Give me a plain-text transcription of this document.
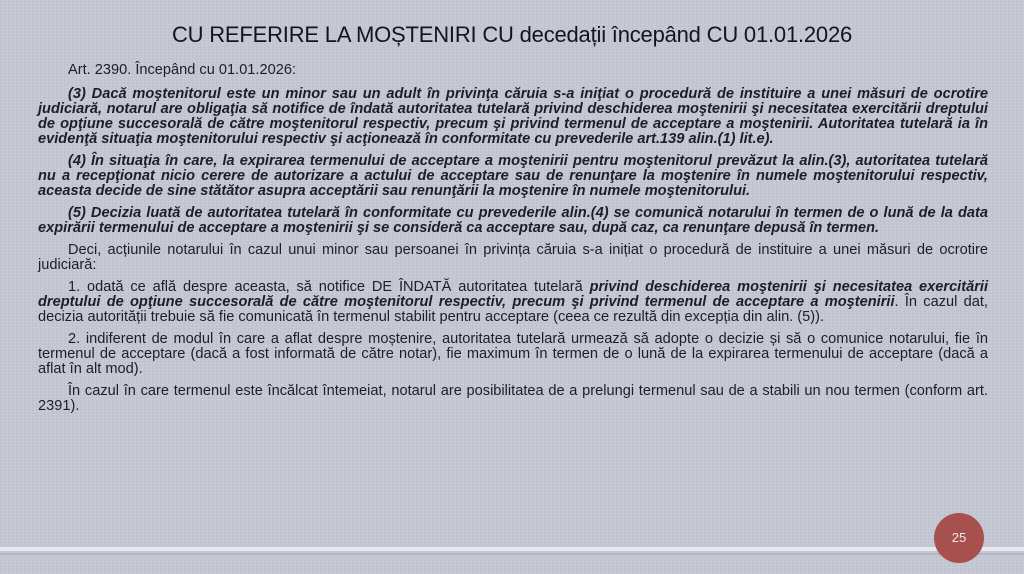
CU REFERIRE LA MOȘTENIRI CU decedații începând CU 01.01.2026

Art. 2390. Începând cu 01.01.2026:

(3) Dacă moştenitorul este un minor sau un adult în privinţa căruia s-a iniţiat o procedură de instituire a unei măsuri de ocrotire judiciară, notarul are obligaţia să notifice de îndată autoritatea tutelară privind deschiderea moştenirii şi necesitatea exercitării dreptului de opţiune succesorală de către moştenitorul respectiv, precum şi privind termenul de acceptare a moştenirii. Autoritatea tutelară ia în evidenţă situaţia moştenitorului respectiv şi acţionează în conformitate cu prevederile art.139 alin.(1) lit.e).

(4) În situaţia în care, la expirarea termenului de acceptare a moştenirii pentru moştenitorul prevăzut la alin.(3), autoritatea tutelară nu a recepţionat nicio cerere de autorizare a actului de acceptare sau de renunţare la moştenire în numele moştenitorului respectiv, aceasta decide de sine stătător asupra acceptării sau renunţării la moştenire în numele moştenitorului.

(5) Decizia luată de autoritatea tutelară în conformitate cu prevederile alin.(4) se comunică notarului în termen de o lună de la data expirării termenului de acceptare a moştenirii şi se consideră ca acceptare sau, după caz, ca renunţare depusă în termen.

Deci, acțiunile notarului în cazul unui minor sau persoanei în privința căruia s-a inițiat o procedură de instituire a unei măsuri de ocrotire judiciară:

1. odată ce află despre aceasta, să notifice DE ÎNDATĂ autoritatea tutelară privind deschiderea moştenirii şi necesitatea exercitării dreptului de opţiune succesorală de către moştenitorul respectiv, precum şi privind termenul de acceptare a moştenirii. În cazul dat, decizia autorității trebuie să fie comunicată în termenul stabilit pentru acceptare (ceea ce rezultă din excepția din alin. (5)).

2. indiferent de modul în care a aflat despre moștenire, autoritatea tutelară urmează să adopte o decizie și să o comunice notarului, fie în termenul de acceptare (dacă a fost informată de către notar), fie maximum în termen de o lună de la expirarea termenului de acceptare (dacă a aflat în alt mod).

În cazul în care termenul este încălcat întemeiat, notarul are posibilitatea de a prelungi termenul sau de a stabili un nou termen (conform art. 2391).

25
